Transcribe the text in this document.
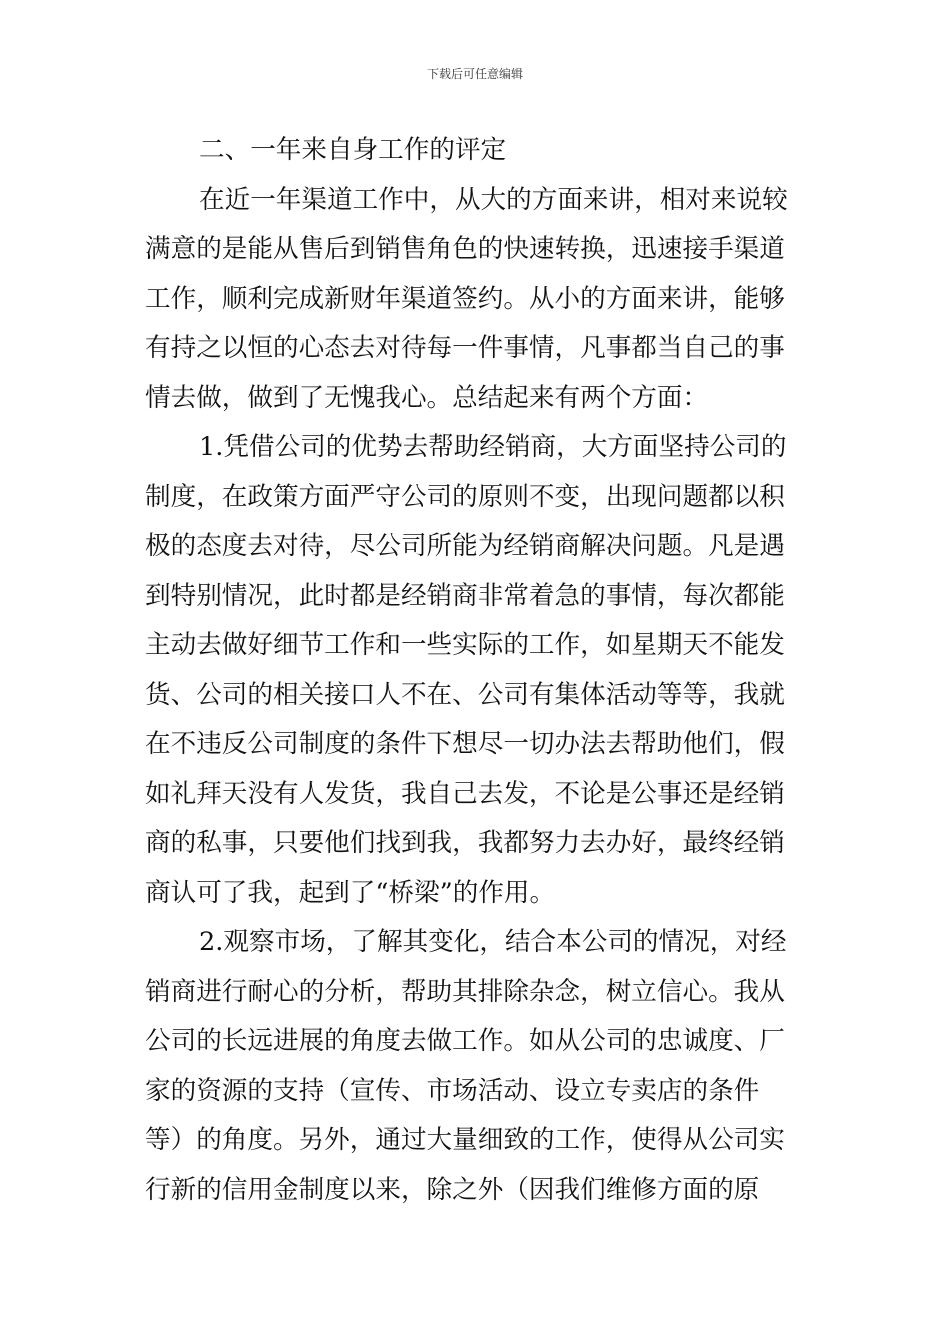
下载后可任意编辑
二、一年来自身工作的评定
在近一年渠道工作中，从大的方面来讲，相对来说较
满意的是能从售后到销售角色的快速转换，迅速接手渠道
工作，顺利完成新财年渠道签约。从小的方面来讲，能够
有持之以恒的心态去对待每一件事情，凡事都当自己的事
情去做，做到了无愧我心。总结起来有两个方面：
1.凭借公司的优势去帮助经销商，大方面坚持公司的
制度，在政策方面严守公司的原则不变，出现问题都以积
极的态度去对待，尽公司所能为经销商解决问题。凡是遇
到特别情况，此时都是经销商非常着急的事情，每次都能
主动去做好细节工作和一些实际的工作，如星期天不能发
货、公司的相关接口人不在、公司有集体活动等等，我就
在不违反公司制度的条件下想尽一切办法去帮助他们，假
如礼拜天没有人发货，我自己去发，不论是公事还是经销
商的私事，只要他们找到我，我都努力去办好，最终经销
商认可了我，起到了“桥梁”的作用。
2.观察市场，了解其变化，结合本公司的情况，对经
销商进行耐心的分析，帮助其排除杂念，树立信心。我从
公司的长远进展的角度去做工作。如从公司的忠诚度、厂
家的资源的支持（宣传、市场活动、设立专卖店的条件
等）的角度。另外，通过大量细致的工作，使得从公司实
行新的信用金制度以来，除之外（因我们维修方面的原
